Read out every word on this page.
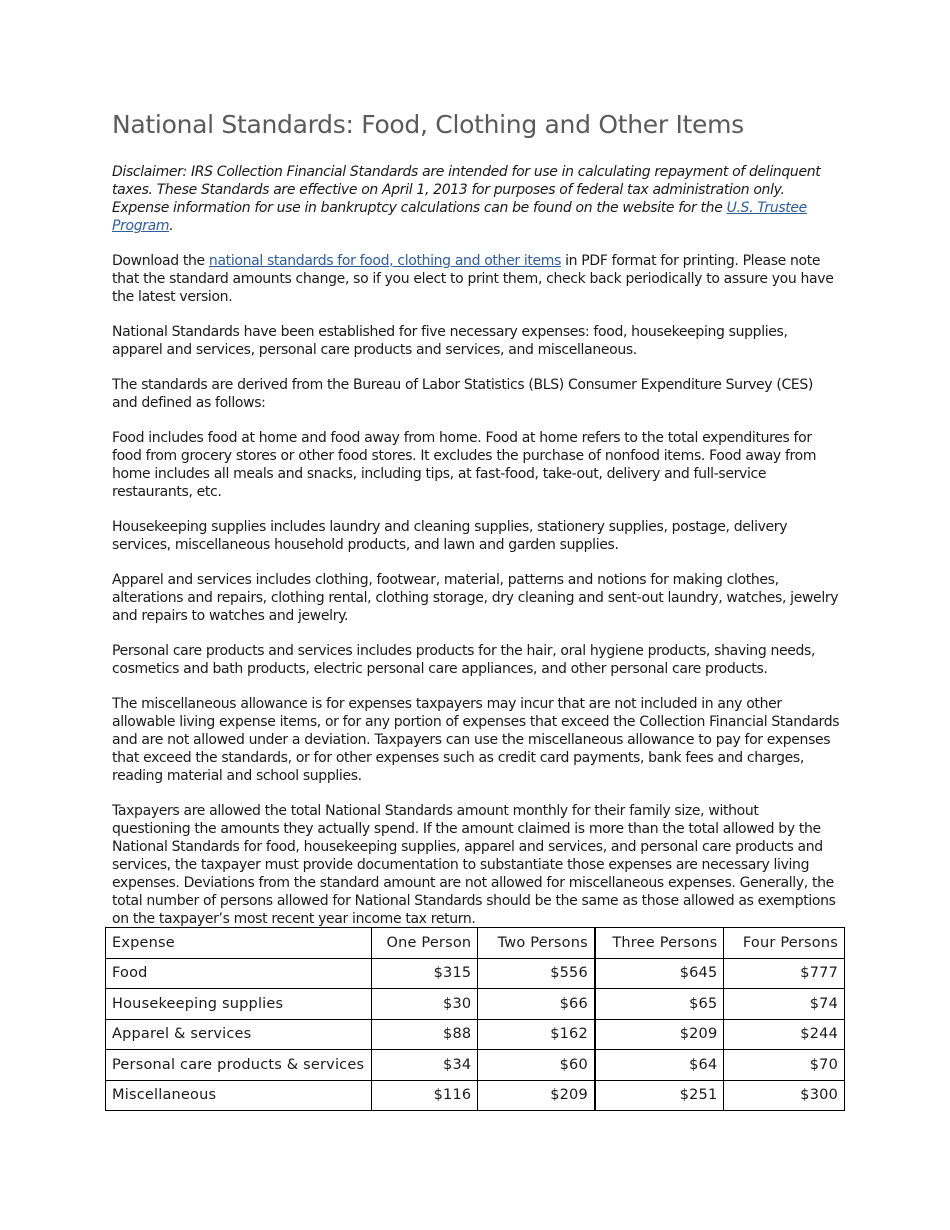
National Standards: Food, Clothing and Other Items

Disclaimer: IRS Collection Financial Standards are intended for use in calculating repayment of delinquent taxes. These Standards are effective on April 1, 2013 for purposes of federal tax administration only. Expense information for use in bankruptcy calculations can be found on the website for the U.S. Trustee Program.

Download the national standards for food, clothing and other items in PDF format for printing. Please note that the standard amounts change, so if you elect to print them, check back periodically to assure you have the latest version.

National Standards have been established for five necessary expenses: food, housekeeping supplies, apparel and services, personal care products and services, and miscellaneous.

The standards are derived from the Bureau of Labor Statistics (BLS) Consumer Expenditure Survey (CES) and defined as follows:

Food includes food at home and food away from home. Food at home refers to the total expenditures for food from grocery stores or other food stores. It excludes the purchase of nonfood items. Food away from home includes all meals and snacks, including tips, at fast-food, take-out, delivery and full-service restaurants, etc.

Housekeeping supplies includes laundry and cleaning supplies, stationery supplies, postage, delivery services, miscellaneous household products, and lawn and garden supplies.

Apparel and services includes clothing, footwear, material, patterns and notions for making clothes, alterations and repairs, clothing rental, clothing storage, dry cleaning and sent-out laundry, watches, jewelry and repairs to watches and jewelry.

Personal care products and services includes products for the hair, oral hygiene products, shaving needs, cosmetics and bath products, electric personal care appliances, and other personal care products.

The miscellaneous allowance is for expenses taxpayers may incur that are not included in any other allowable living expense items, or for any portion of expenses that exceed the Collection Financial Standards and are not allowed under a deviation. Taxpayers can use the miscellaneous allowance to pay for expenses that exceed the standards, or for other expenses such as credit card payments, bank fees and charges, reading material and school supplies.

Taxpayers are allowed the total National Standards amount monthly for their family size, without questioning the amounts they actually spend. If the amount claimed is more than the total allowed by the National Standards for food, housekeeping supplies, apparel and services, and personal care products and services, the taxpayer must provide documentation to substantiate those expenses are necessary living expenses. Deviations from the standard amount are not allowed for miscellaneous expenses. Generally, the total number of persons allowed for National Standards should be the same as those allowed as exemptions on the taxpayer’s most recent year income tax return.

Expense	One Person	Two Persons	Three Persons	Four Persons
Food	$315	$556	$645	$777
Housekeeping supplies	$30	$66	$65	$74
Apparel & services	$88	$162	$209	$244
Personal care products & services	$34	$60	$64	$70
Miscellaneous	$116	$209	$251	$300
